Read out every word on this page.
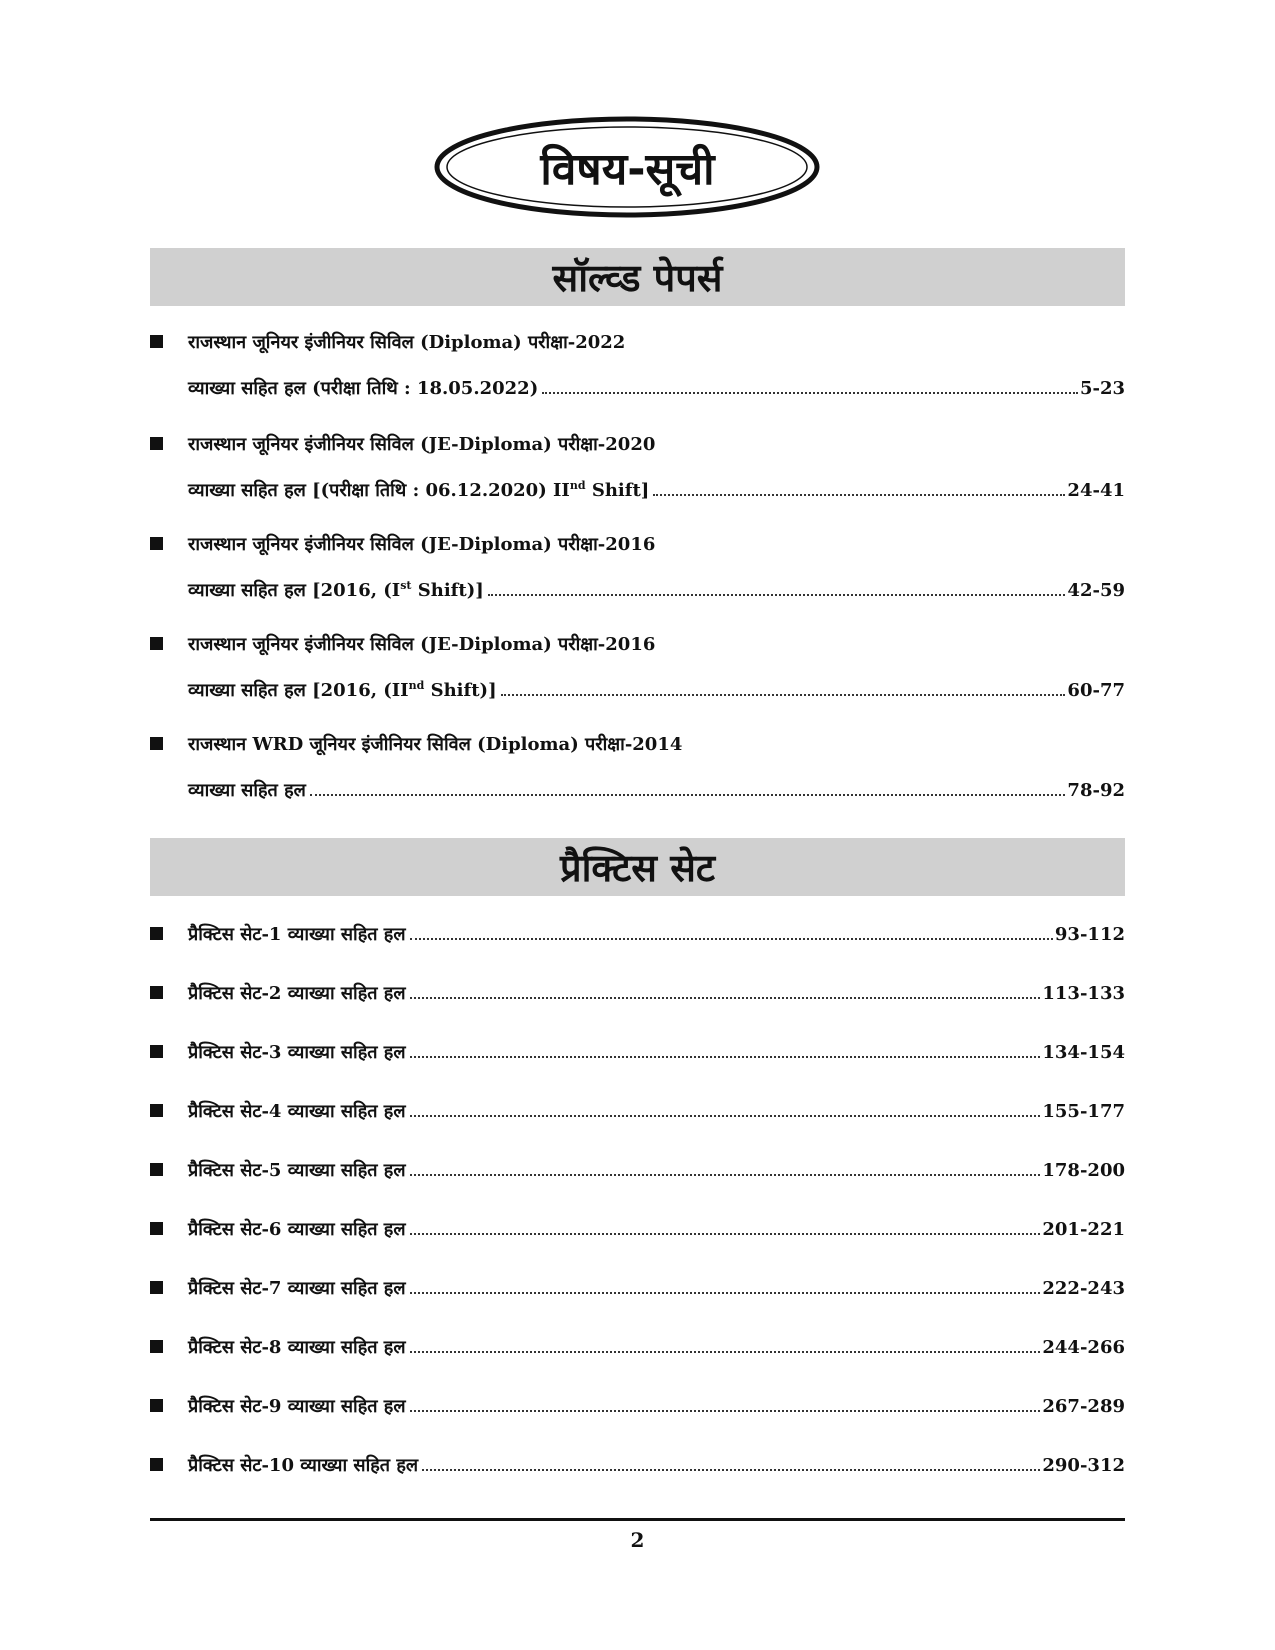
विषय-सूची
सॉल्व्ड पेपर्स
राजस्थान जूनियर इंजीनियर सिविल (Diploma) परीक्षा-2022
व्याख्या सहित हल (परीक्षा तिथि : 18.05.2022)	5-23
राजस्थान जूनियर इंजीनियर सिविल (JE-Diploma) परीक्षा-2020
व्याख्या सहित हल [(परीक्षा तिथि : 06.12.2020) IInd Shift]	24-41
राजस्थान जूनियर इंजीनियर सिविल (JE-Diploma) परीक्षा-2016
व्याख्या सहित हल [2016, (Ist Shift)]	42-59
राजस्थान जूनियर इंजीनियर सिविल (JE-Diploma) परीक्षा-2016
व्याख्या सहित हल [2016, (IInd Shift)]	60-77
राजस्थान WRD जूनियर इंजीनियर सिविल (Diploma) परीक्षा-2014
व्याख्या सहित हल	78-92
प्रैक्टिस सेट
प्रैक्टिस सेट-1 व्याख्या सहित हल	93-112
प्रैक्टिस सेट-2 व्याख्या सहित हल	113-133
प्रैक्टिस सेट-3 व्याख्या सहित हल	134-154
प्रैक्टिस सेट-4 व्याख्या सहित हल	155-177
प्रैक्टिस सेट-5 व्याख्या सहित हल	178-200
प्रैक्टिस सेट-6 व्याख्या सहित हल	201-221
प्रैक्टिस सेट-7 व्याख्या सहित हल	222-243
प्रैक्टिस सेट-8 व्याख्या सहित हल	244-266
प्रैक्टिस सेट-9 व्याख्या सहित हल	267-289
प्रैक्टिस सेट-10 व्याख्या सहित हल	290-312
2
